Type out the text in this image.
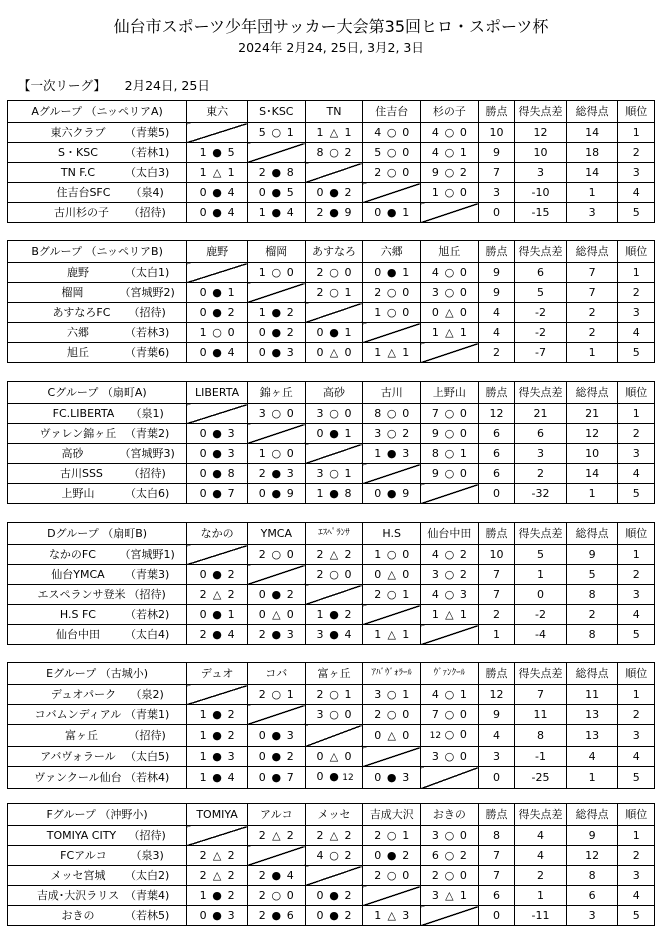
仙台市スポーツ少年団サッカー大会第35回ヒロ・スポーツ杯
2024年 2月24, 25日, 3月2, 3日
【一次リーグ】　　2月24日, 25日
Aグループ （ニッペリアA)	東六	S･KSC	TN	住吉台	杉の子	勝点	得失点差	総得点	順位
東六クラブ （青葉5)		5 ○ 1	1 △ 1	4 ○ 0	4 ○ 0	10	12	14	1
S・KSC （若林1)	1 ● 5		8 ○ 2	5 ○ 0	4 ○ 1	9	10	18	2
TN F.C （太白3)	1 △ 1	2 ● 8		2 ○ 0	9 ○ 2	7	3	14	3
住吉台SFC （泉4)	0 ● 4	0 ● 5	0 ● 2		1 ○ 0	3	-10	1	4
古川杉の子 （招待)	0 ● 4	1 ● 4	2 ● 9	0 ● 1		0	-15	3	5
Bグループ （ニッペリアB)	鹿野	榴岡	あすなろ	六郷	旭丘	勝点	得失点差	総得点	順位
鹿野 （太白1)		1 ○ 0	2 ○ 0	0 ● 1	4 ○ 0	9	6	7	1
榴岡 （宮城野2)	0 ● 1		2 ○ 1	2 ○ 0	3 ○ 0	9	5	7	2
あすなろFC （招待)	0 ● 2	1 ● 2		1 ○ 0	0 △ 0	4	-2	2	3
六郷 （若林3)	1 ○ 0	0 ● 2	0 ● 1		1 △ 1	4	-2	2	4
旭丘 （青葉6)	0 ● 4	0 ● 3	0 △ 0	1 △ 1		2	-7	1	5
Cグループ （扇町A)	LIBERTA	錦ヶ丘	高砂	古川	上野山	勝点	得失点差	総得点	順位
FC.LIBERTA （泉1)		3 ○ 0	3 ○ 0	8 ○ 0	7 ○ 0	12	21	21	1
ヴァレン錦ヶ丘 （青葉2)	0 ● 3		0 ● 1	3 ○ 2	9 ○ 0	6	6	12	2
高砂 （宮城野3)	0 ● 3	1 ○ 0		1 ● 3	8 ○ 1	6	3	10	3
古川SSS （招待)	0 ● 8	2 ● 3	3 ○ 1		9 ○ 0	6	2	14	4
上野山 （太白6)	0 ● 7	0 ● 9	1 ● 8	0 ● 9		0	-32	1	5
Dグループ （扇町B)	なかの	YMCA	ｴｽﾍﾟﾗﾝｻ	H.S	仙台中田	勝点	得失点差	総得点	順位
なかのFC （宮城野1)		2 ○ 0	2 △ 2	1 ○ 0	4 ○ 2	10	5	9	1
仙台YMCA （青葉3)	0 ● 2		2 ○ 0	0 △ 0	3 ○ 2	7	1	5	2
エスペランサ登米 （招待)	2 △ 2	0 ● 2		2 ○ 1	4 ○ 3	7	0	8	3
H.S FC （若林2)	0 ● 1	0 △ 0	1 ● 2		1 △ 1	2	-2	2	4
仙台中田 （太白4)	2 ● 4	2 ● 3	3 ● 4	1 △ 1		1	-4	8	5
Eグループ （古城小)	デュオ	コバ	富ヶ丘	ｱﾊﾞｳﾞｫﾗｰﾙ	ｳﾞｧﾝｸｰﾙ	勝点	得失点差	総得点	順位
デュオパーク （泉2)		2 ○ 1	2 ○ 1	3 ○ 1	4 ○ 1	12	7	11	1
コバムンディアル （青葉1)	1 ● 2		3 ○ 0	2 ○ 0	7 ○ 0	9	11	13	2
富ヶ丘 （招待)	1 ● 2	0 ● 3		0 △ 0	12 ○ 0	4	8	13	3
アバヴォラール （太白5)	1 ● 3	0 ● 2	0 △ 0		3 ○ 0	3	-1	4	4
ヴァンクール仙台 （若林4)	1 ● 4	0 ● 7	0 ● 12	0 ● 3		0	-25	1	5
Fグループ （沖野小)	TOMIYA	アルコ	メッセ	吉成大沢	おきの	勝点	得失点差	総得点	順位
TOMIYA CITY （招待)		2 △ 2	2 △ 2	2 ○ 1	3 ○ 0	8	4	9	1
FCアルコ （泉3)	2 △ 2		4 ○ 2	0 ● 2	6 ○ 2	7	4	12	2
メッセ宮城 （太白2)	2 △ 2	2 ● 4		2 ○ 0	2 ○ 0	7	2	8	3
吉成･大沢ラリス （青葉4)	1 ● 2	2 ○ 0	0 ● 2		3 △ 1	6	1	6	4
おきの （若林5)	0 ● 3	2 ● 6	0 ● 2	1 △ 3		0	-11	3	5
